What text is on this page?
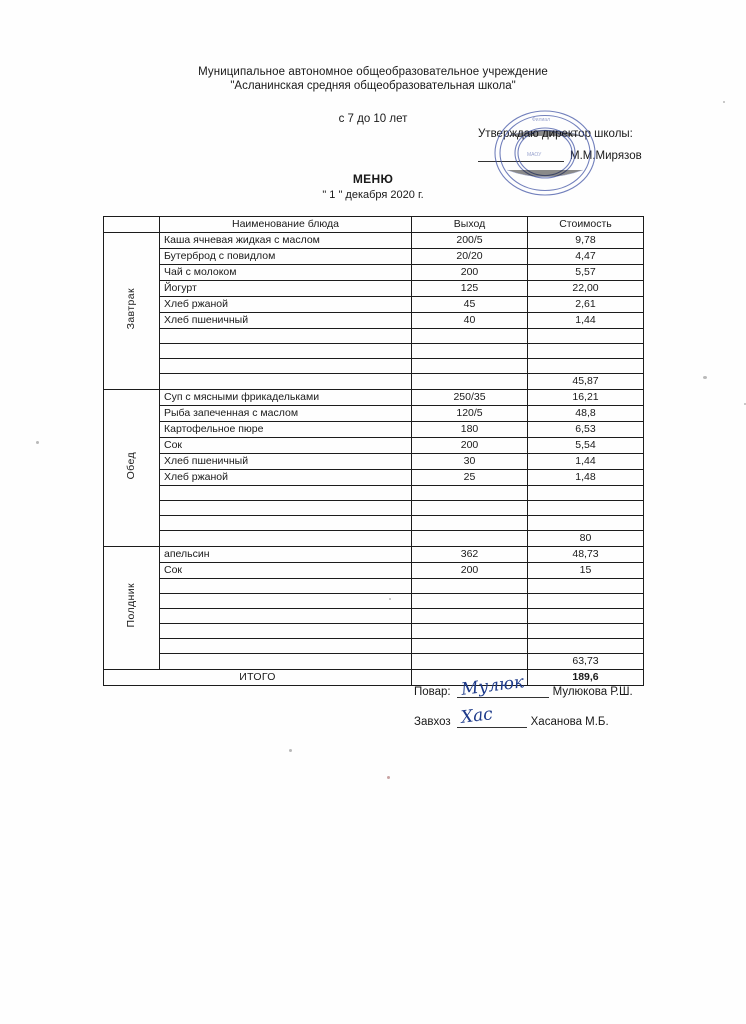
Муниципальное автономное общеобразовательное учреждение
"Асланинская средняя общеобразовательная школа"
с 7 до 10 лет
Утверждаю директор школы:
М.М.Мирязов
Филиал
МАОУ
МЕНЮ
" 1 " декабря 2020 г.
	Наименование блюда	Выход	Стоимость
Завтрак	Каша ячневая жидкая с маслом	200/5	9,78
	Бутерброд с повидлом	20/20	4,47
	Чай с молоком	200	5,57
	Йогурт	125	22,00
	Хлеб ржаной	45	2,61
	Хлеб пшеничный	40	1,44

			45,87
Обед	Суп с мясными фрикадельками	250/35	16,21
	Рыба запеченная с маслом	120/5	48,8
	Картофельное пюре	180	6,53
	Сок	200	5,54
	Хлеб пшеничный	30	1,44
	Хлеб ржаной	25	1,48

			80
Полдник	апельсин	362	48,73
	Сок	200	15

			63,73
ИТОГО			189,6
Повар: Мулюк Мулюкова Р.Ш.
Завхоз Хас	Хасанова М.Б.
